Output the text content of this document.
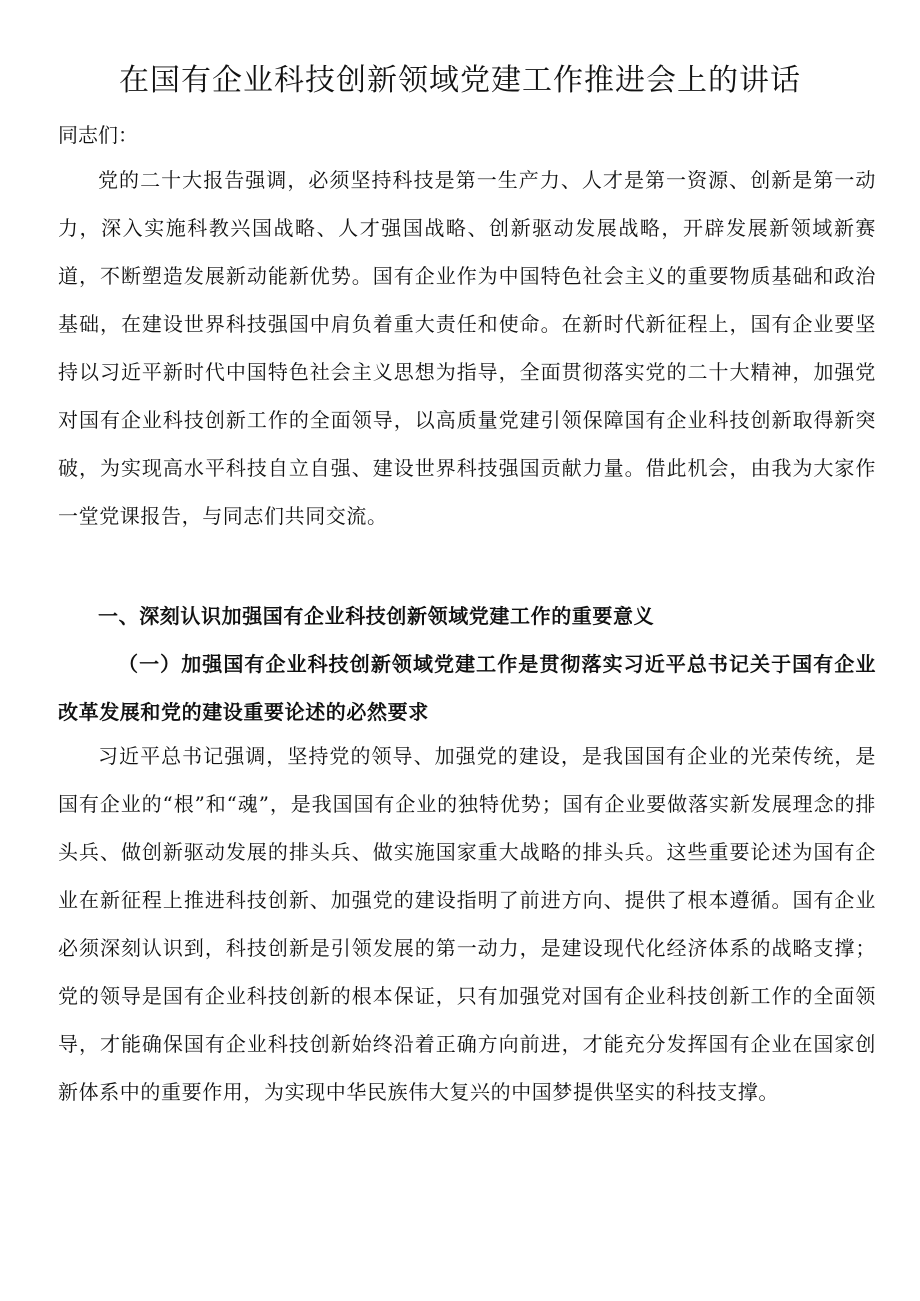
在国有企业科技创新领域党建工作推进会上的讲话

同志们：

党的二十大报告强调，必须坚持科技是第一生产力、人才是第一资源、创新是第一动力，深入实施科教兴国战略、人才强国战略、创新驱动发展战略，开辟发展新领域新赛道，不断塑造发展新动能新优势。国有企业作为中国特色社会主义的重要物质基础和政治基础，在建设世界科技强国中肩负着重大责任和使命。在新时代新征程上，国有企业要坚持以习近平新时代中国特色社会主义思想为指导，全面贯彻落实党的二十大精神，加强党对国有企业科技创新工作的全面领导，以高质量党建引领保障国有企业科技创新取得新突破，为实现高水平科技自立自强、建设世界科技强国贡献力量。借此机会，由我为大家作一堂党课报告，与同志们共同交流。

一、深刻认识加强国有企业科技创新领域党建工作的重要意义

（一）加强国有企业科技创新领域党建工作是贯彻落实习近平总书记关于国有企业改革发展和党的建设重要论述的必然要求

习近平总书记强调，坚持党的领导、加强党的建设，是我国国有企业的光荣传统，是国有企业的“根”和“魂”，是我国国有企业的独特优势；国有企业要做落实新发展理念的排头兵、做创新驱动发展的排头兵、做实施国家重大战略的排头兵。这些重要论述为国有企业在新征程上推进科技创新、加强党的建设指明了前进方向、提供了根本遵循。国有企业必须深刻认识到，科技创新是引领发展的第一动力，是建设现代化经济体系的战略支撑；党的领导是国有企业科技创新的根本保证，只有加强党对国有企业科技创新工作的全面领导，才能确保国有企业科技创新始终沿着正确方向前进，才能充分发挥国有企业在国家创新体系中的重要作用，为实现中华民族伟大复兴的中国梦提供坚实的科技支撑。
